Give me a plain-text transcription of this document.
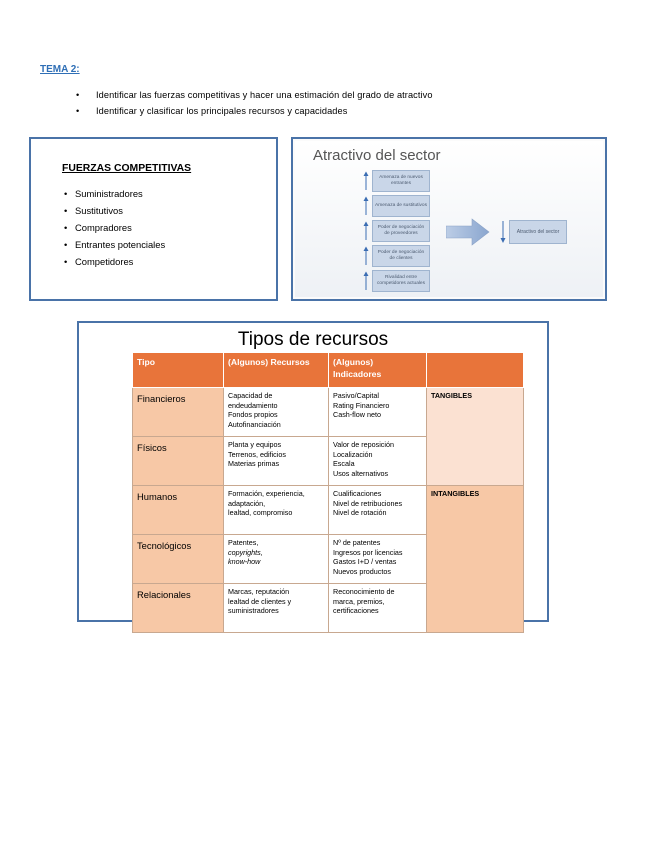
TEMA 2:
• Identificar las fuerzas competitivas y hacer una estimación del grado de atractivo
• Identificar y clasificar los principales recursos y capacidades
FUERZAS COMPETITIVAS
• Suministradores
• Sustitutivos
• Compradores
• Entrantes potenciales
• Competidores
Atractivo del sector
Amenaza de nuevos entrantes
Amenaza de sustitutivos
Poder de negociación de proveedores
Poder de negociación de clientes
Rivalidad entre competidores actuales
Atractivo del sector
Tipos de recursos
Tipo	(Algunos) Recursos	(Algunos) Indicadores	
Financieros	Capacidad de
endeudamiento
Fondos propios
Autofinanciación	Pasivo/Capital
Rating Financiero
Cash-flow neto	TANGIBLES
Físicos	Planta y equipos
Terrenos, edificios
Materias primas	Valor de reposición
Localización
Escala
Usos alternativos	

Humanos	Formación, experiencia,
adaptación,
lealtad, compromiso	Cualificaciones
Nivel de retribuciones
Nivel de rotación	INTANGIBLES
Tecnológicos	Patentes,
copyrights,
know-how	Nº de patentes
Ingresos por licencias
Gastos I+D / ventas
Nuevos productos	

Relacionales	Marcas, reputación
lealtad de clientes y
suministradores	Reconocimiento de
marca, premios,
certificaciones	
